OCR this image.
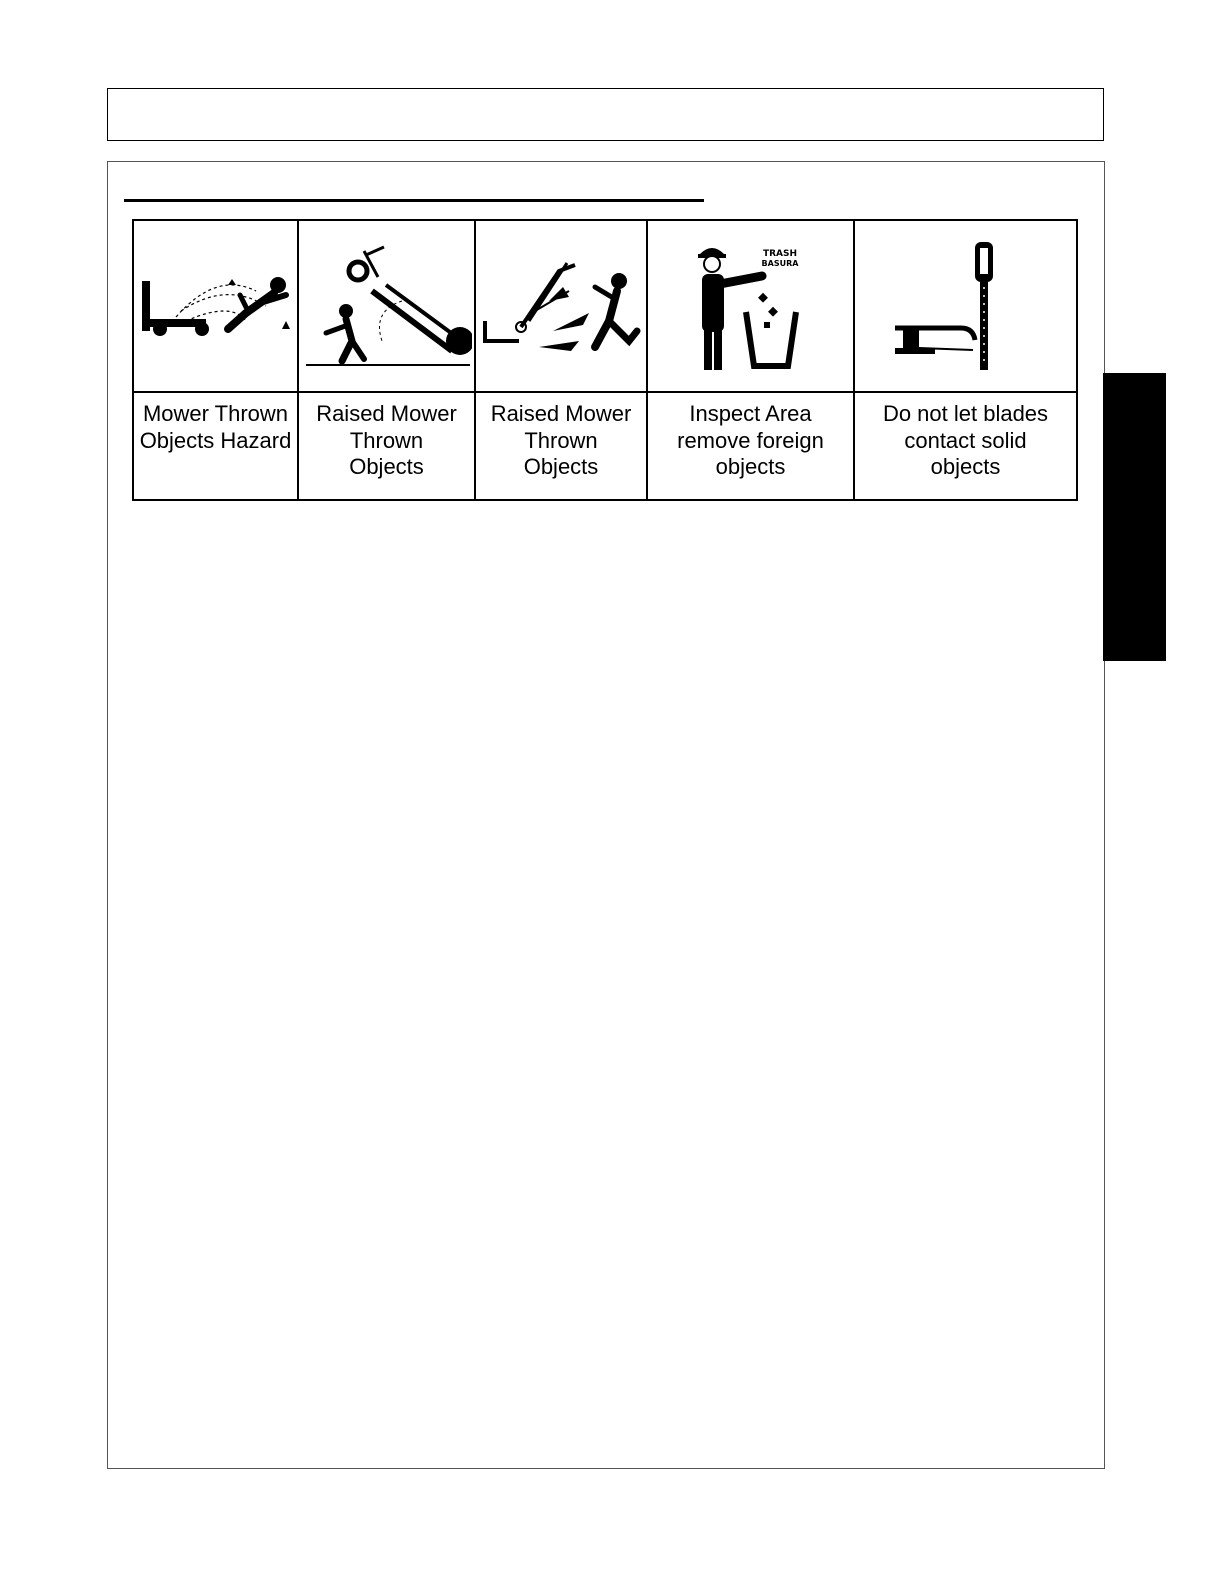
TRASH
BASURA

Mower Thrown
Objects Hazard	Raised Mower
Thrown
Objects	Raised Mower
Thrown
Objects	Inspect Area
remove foreign
objects	Do not let blades
contact solid
objects
